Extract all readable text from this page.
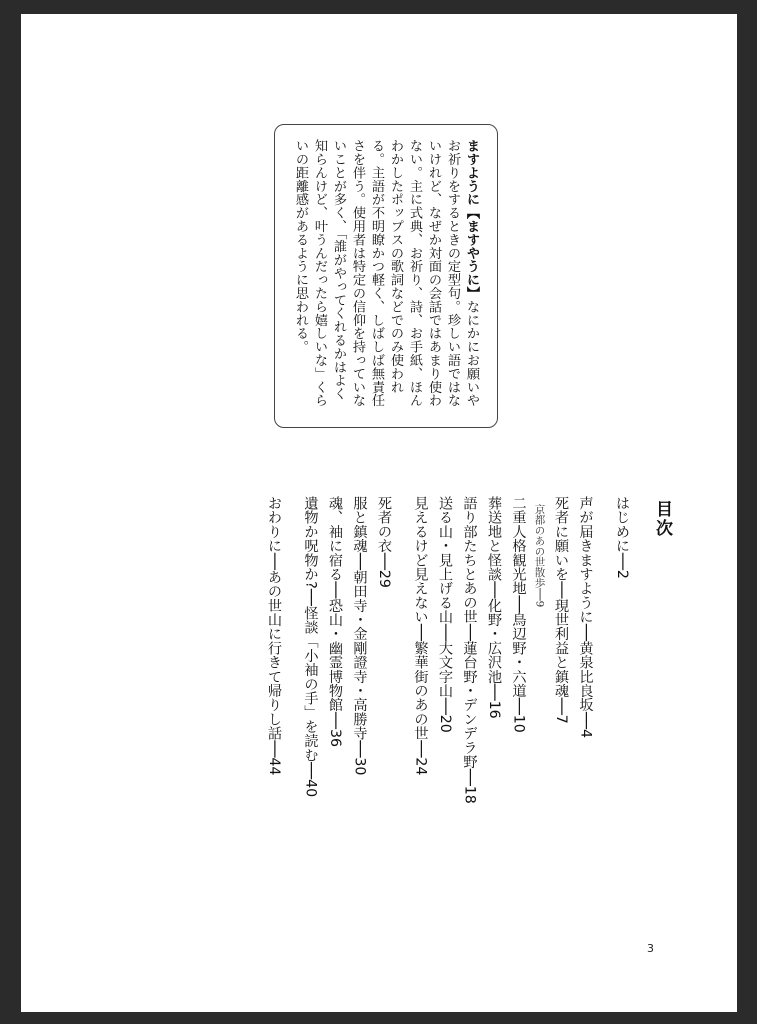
ますように【ますやうに】なにかにお願いやお祈りをするときの定型句。珍しい語ではないけれど、なぜか対面の会話ではあまり使わない。主に式典、お祈り、詩、お手紙、ほんわかしたポップスの歌詞などでのみ使われる。主語が不明瞭かつ軽く、しばしば無責任さを伴う。使用者は特定の信仰を持っていないことが多く、「誰がやってくれるかはよく知らんけど、叶うんだったら嬉しいな」くらいの距離感があるように思われる。
目次
はじめに──2
声が届きますように──黄泉比良坂──4
死者に願いを──現世利益と鎮魂──7
京都のあの世散歩──9
二重人格観光地──鳥辺野・六道──10
葬送地と怪談──化野・広沢池──16
語り部たちとあの世──蓮台野・デンデラ野──18
送る山・見上げる山──大文字山──20
見えるけど見えない──繁華街のあの世──24
死者の衣──29
服と鎮魂──朝田寺・金剛證寺・高勝寺──30
魂、袖に宿る──恐山・幽霊博物館──36
遺物か呪物か?──怪談「小袖の手」を読む──40
おわりに──あの世山に行きて帰りし話──44
3
